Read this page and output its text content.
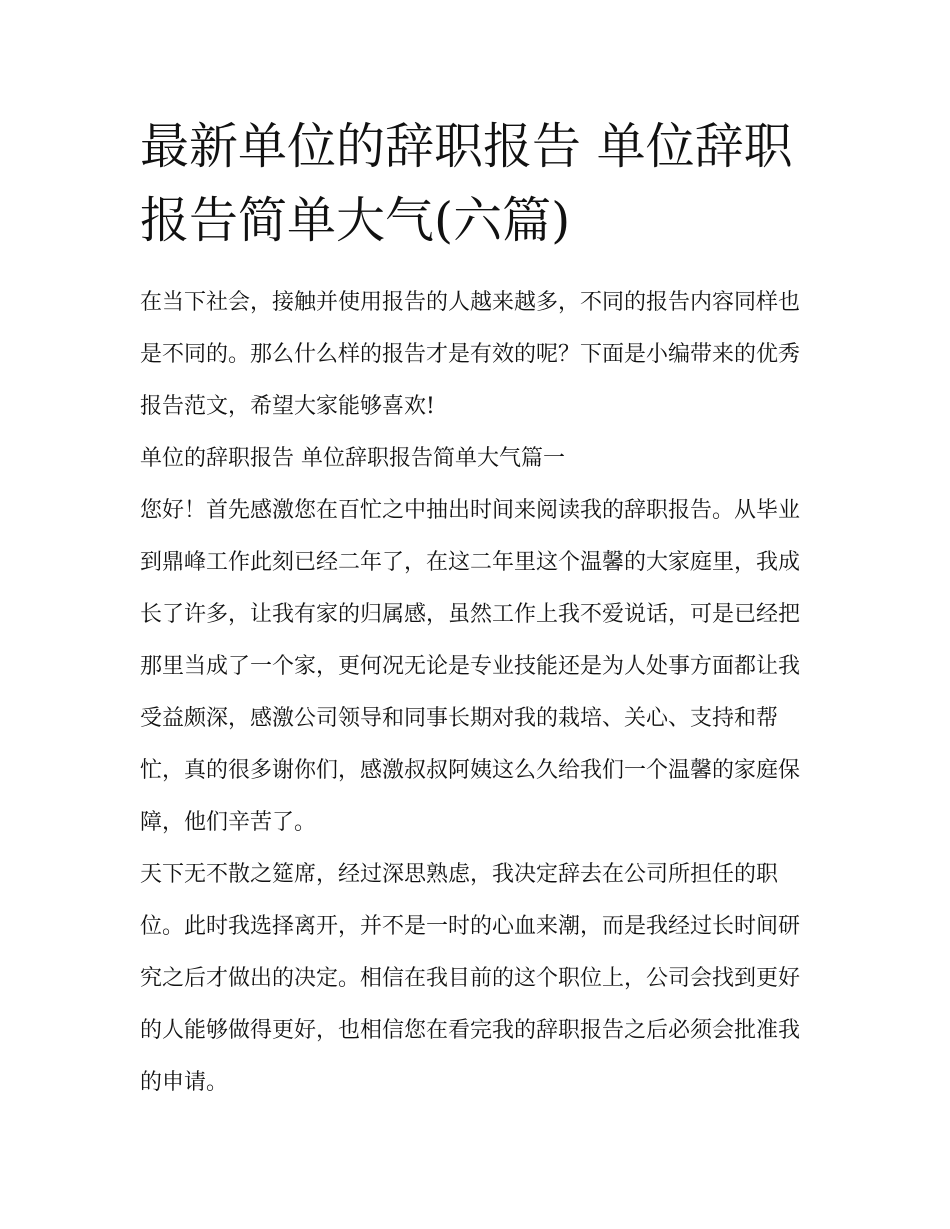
最新单位的辞职报告 单位辞职报告简单大气(六篇)

在当下社会，接触并使用报告的人越来越多，不同的报告内容同样也是不同的。那么什么样的报告才是有效的呢？下面是小编带来的优秀报告范文，希望大家能够喜欢!

单位的辞职报告 单位辞职报告简单大气篇一

您好！首先感激您在百忙之中抽出时间来阅读我的辞职报告。从毕业到鼎峰工作此刻已经二年了，在这二年里这个温馨的大家庭里，我成长了许多，让我有家的归属感，虽然工作上我不爱说话，可是已经把那里当成了一个家，更何况无论是专业技能还是为人处事方面都让我受益颇深，感激公司领导和同事长期对我的栽培、关心、支持和帮忙，真的很多谢你们，感激叔叔阿姨这么久给我们一个温馨的家庭保障，他们辛苦了。

天下无不散之筵席，经过深思熟虑，我决定辞去在公司所担任的职位。此时我选择离开，并不是一时的心血来潮，而是我经过长时间研究之后才做出的决定。相信在我目前的这个职位上，公司会找到更好的人能够做得更好，也相信您在看完我的辞职报告之后必须会批准我的申请。
